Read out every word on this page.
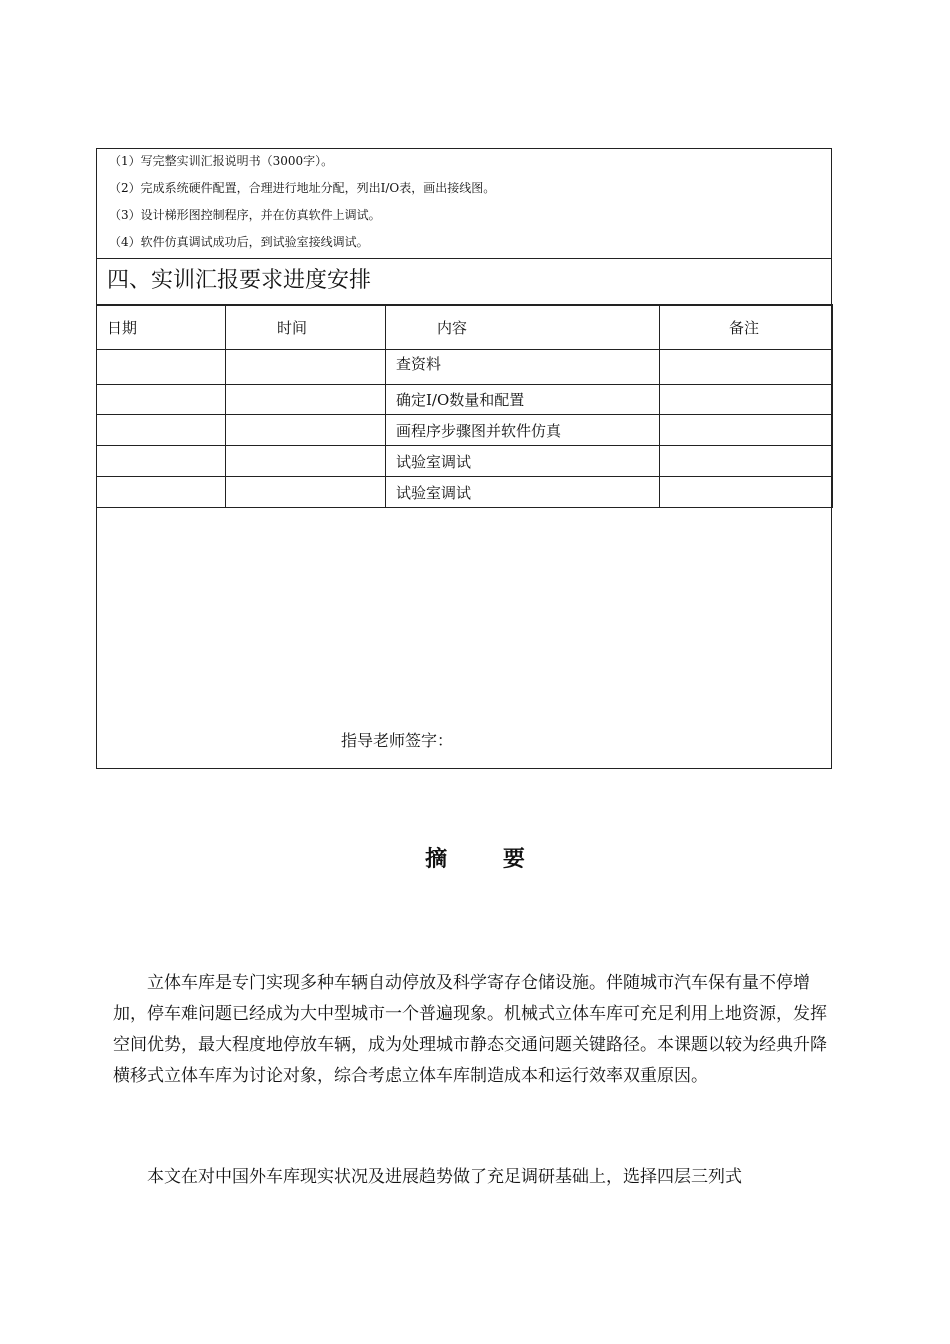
（1）写完整实训汇报说明书（3000字）。
（2）完成系统硬件配置，合理进行地址分配，列出I/O表，画出接线图。
（3）设计梯形图控制程序，并在仿真软件上调试。
（4）软件仿真调试成功后，到试验室接线调试。
四、实训汇报要求进度安排
日期	时间	内容	备注
		查资料	
		确定I/O数量和配置	
		画程序步骤图并软件仿真	
		试验室调试	
		试验室调试	
指导老师签字：
摘 要

立体车库是专门实现多种车辆自动停放及科学寄存仓储设施。伴随城市汽车保有量不停增加，停车难问题已经成为大中型城市一个普遍现象。机械式立体车库可充足利用上地资源，发挥空间优势，最大程度地停放车辆，成为处理城市静态交通问题关键路径。本课题以较为经典升降横移式立体车库为讨论对象，综合考虑立体车库制造成本和运行效率双重原因。

本文在对中国外车库现实状况及进展趋势做了充足调研基础上，选择四层三列式
